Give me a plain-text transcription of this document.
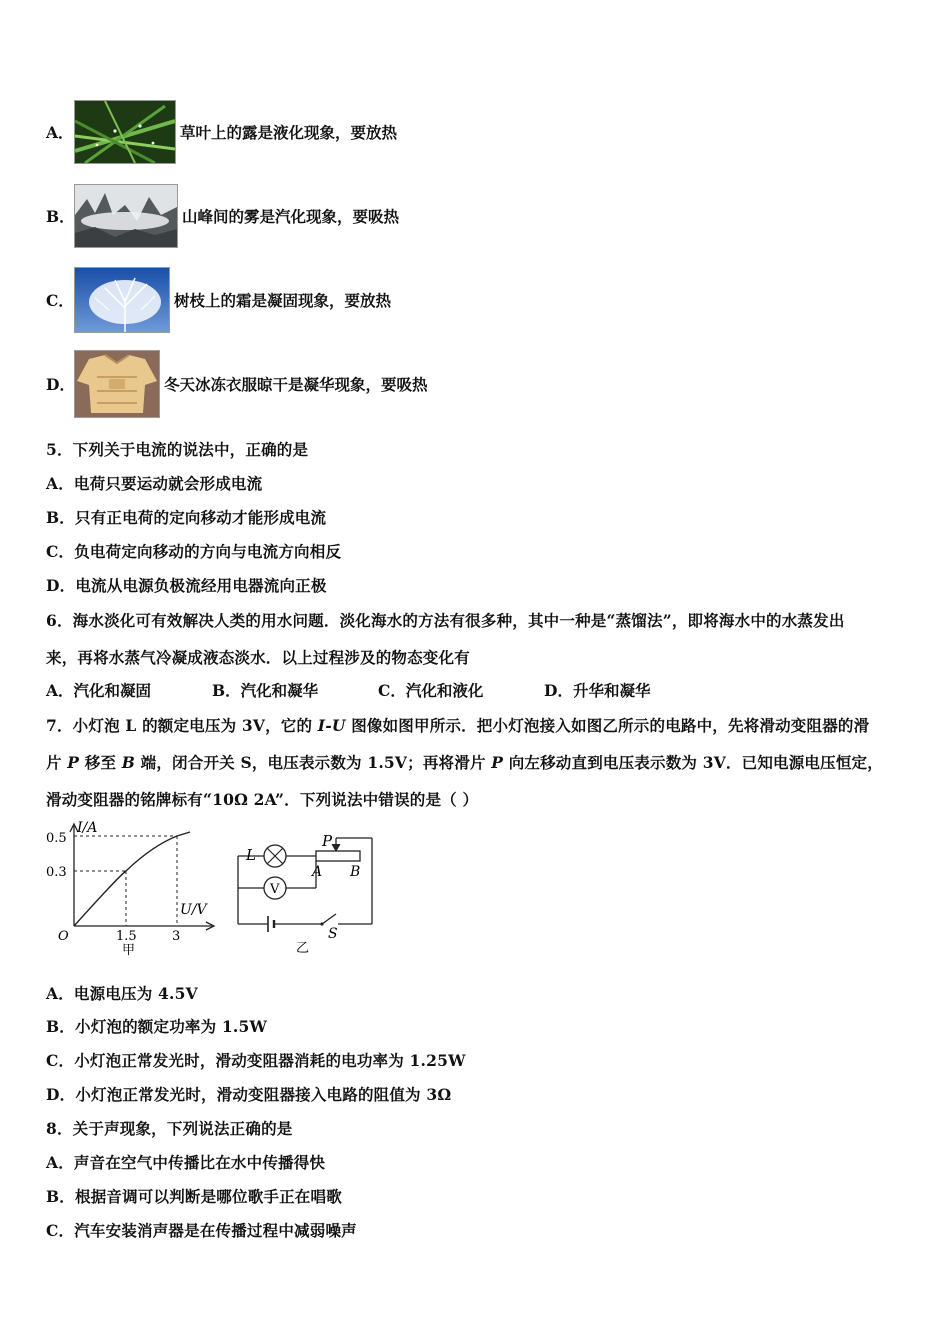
A．	草叶上的露是液化现象，要放热
B．	山峰间的雾是汽化现象，要吸热
C．	树枝上的霜是凝固现象，要放热
D．	冬天冰冻衣服晾干是凝华现象，要吸热
5．下列关于电流的说法中，正确的是
A．电荷只要运动就会形成电流
B．只有正电荷的定向移动才能形成电流
C．负电荷定向移动的方向与电流方向相反
D．电流从电源负极流经用电器流向正极
6．海水淡化可有效解决人类的用水问题．淡化海水的方法有很多种，其中一种是“蒸馏法”，即将海水中的水蒸发出
来，再将水蒸气冷凝成液态淡水．以上过程涉及的物态变化有
A．汽化和凝固	B．汽化和凝华	C．汽化和液化	D．升华和凝华
7．小灯泡 L 的额定电压为 3V，它的 I-U 图像如图甲所示．把小灯泡接入如图乙所示的电路中，先将滑动变阻器的滑
片 P 移至 B 端，闭合开关 S，电压表示数为 1.5V；再将滑片 P 向左移动直到电压表示数为 3V．已知电源电压恒定，
滑动变阻器的铭牌标有“10Ω 2A”．下列说法中错误的是（ ）
I/A
U/V
0.5
0.3
O	1.5	3
甲
L
P
A B
V
S
乙
A．电源电压为 4.5V
B．小灯泡的额定功率为 1.5W
C．小灯泡正常发光时，滑动变阻器消耗的电功率为 1.25W
D．小灯泡正常发光时，滑动变阻器接入电路的阻值为 3Ω
8．关于声现象，下列说法正确的是
A．声音在空气中传播比在水中传播得快
B．根据音调可以判断是哪位歌手正在唱歌
C．汽车安装消声器是在传播过程中减弱噪声
